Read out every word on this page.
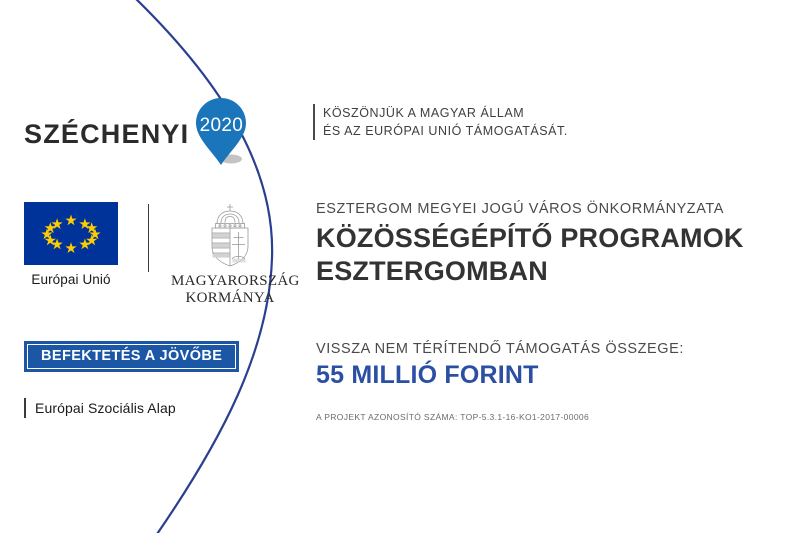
SZÉCHENYI 2020
Európai Unió	MAGYARORSZÁG
KORMÁNYA
BEFEKTETÉS A JÖVŐBE
Európai Szociális Alap
KÖSZÖNJÜK A MAGYAR ÁLLAM
ÉS AZ EURÓPAI UNIÓ TÁMOGATÁSÁT.
ESZTERGOM MEGYEI JOGÚ VÁROS ÖNKORMÁNYZATA
KÖZÖSSÉGÉPÍTŐ PROGRAMOK
ESZTERGOMBAN
VISSZA NEM TÉRÍTENDŐ TÁMOGATÁS ÖSSZEGE:
55 MILLIÓ FORINT
A PROJEKT AZONOSÍTÓ SZÁMA: TOP-5.3.1-16-KO1-2017-00006
